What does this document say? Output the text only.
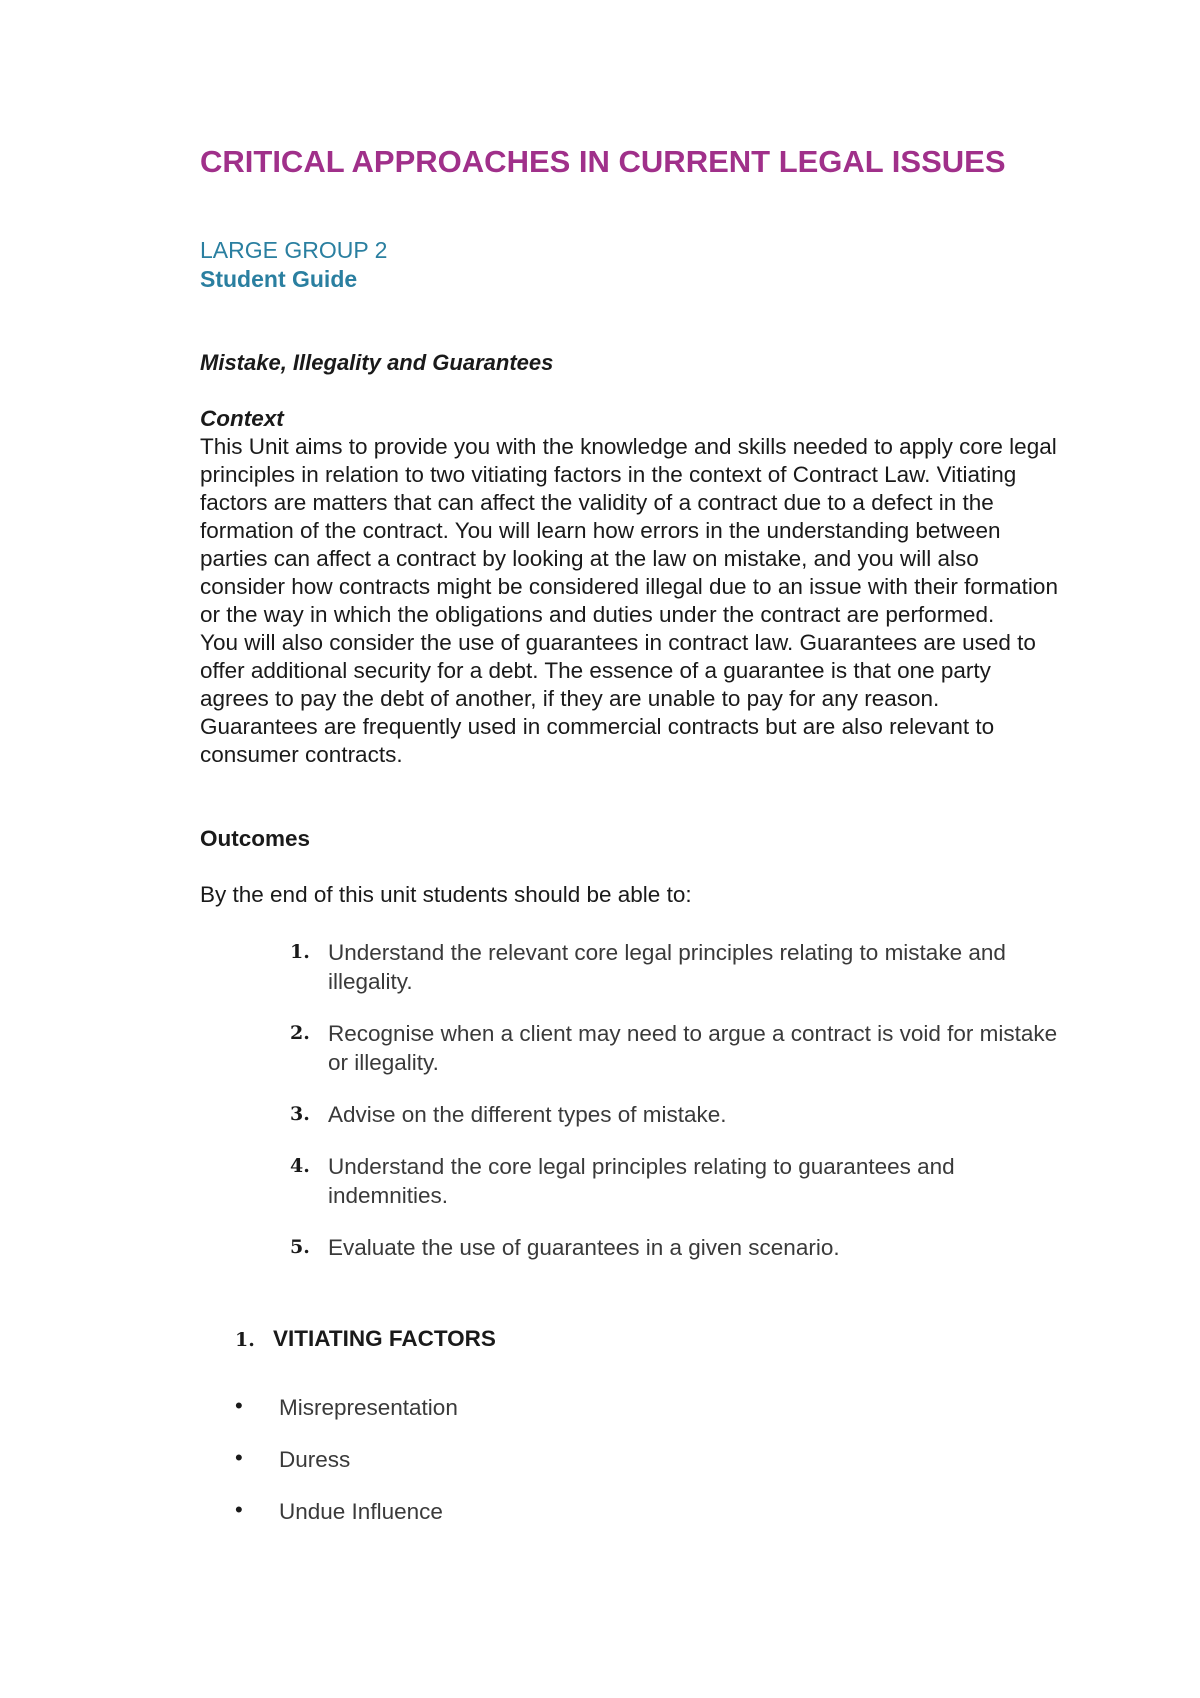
CRITICAL APPROACHES IN CURRENT LEGAL ISSUES
LARGE GROUP 2
Student Guide
Mistake, Illegality and Guarantees
Context

This Unit aims to provide you with the knowledge and skills needed to apply core legal principles in relation to two vitiating factors in the context of Contract Law. Vitiating factors are matters that can affect the validity of a contract due to a defect in the formation of the contract. You will learn how errors in the understanding between parties can affect a contract by looking at the law on mistake, and you will also consider how contracts might be considered illegal due to an issue with their formation or the way in which the obligations and duties under the contract are performed.

You will also consider the use of guarantees in contract law. Guarantees are used to offer additional security for a debt. The essence of a guarantee is that one party agrees to pay the debt of another, if they are unable to pay for any reason. Guarantees are frequently used in commercial contracts but are also relevant to consumer contracts.

Outcomes

By the end of this unit students should be able to:

1. Understand the relevant core legal principles relating to mistake and illegality.
2. Recognise when a client may need to argue a contract is void for mistake or illegality.
3. Advise on the different types of mistake.
4. Understand the core legal principles relating to guarantees and indemnities.
5. Evaluate the use of guarantees in a given scenario.
1. VITIATING FACTORS
• Misrepresentation
• Duress
• Undue Influence
